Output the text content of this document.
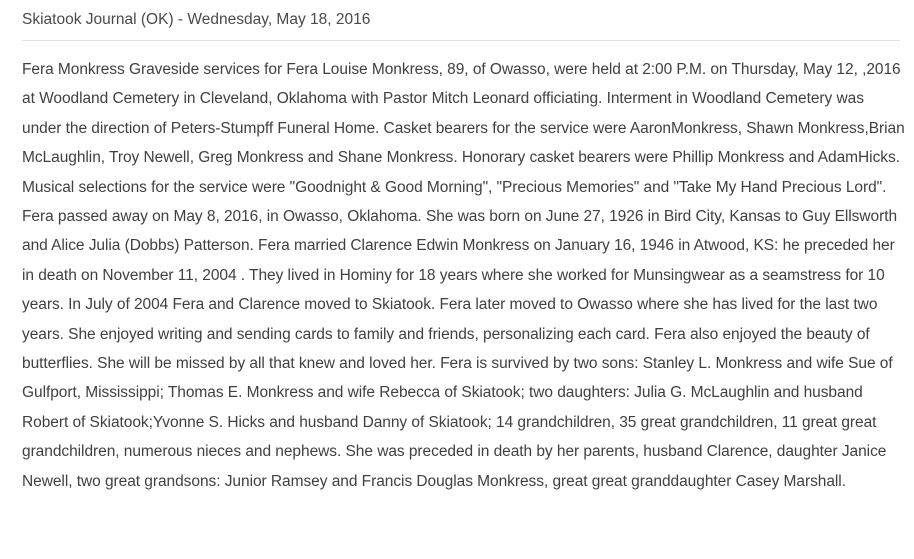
Skiatook Journal (OK) - Wednesday, May 18, 2016

Fera Monkress Graveside services for Fera Louise Monkress, 89, of Owasso, were held at 2:00 P.M. on Thursday, May 12, ,2016 at Woodland Cemetery in Cleveland, Oklahoma with Pastor Mitch Leonard officiating. Interment in Woodland Cemetery was under the direction of Peters-Stumpff Funeral Home. Casket bearers for the service were AaronMonkress, Shawn Monkress,Brian McLaughlin, Troy Newell, Greg Monkress and Shane Monkress. Honorary casket bearers were Phillip Monkress and AdamHicks. Musical selections for the service were "Goodnight & Good Morning", "Precious Memories" and "Take My Hand Precious Lord". Fera passed away on May 8, 2016, in Owasso, Oklahoma. She was born on June 27, 1926 in Bird City, Kansas to Guy Ellsworth and Alice Julia (Dobbs) Patterson. Fera married Clarence Edwin Monkress on January 16, 1946 in Atwood, KS: he preceded her in death on November 11, 2004 . They lived in Hominy for 18 years where she worked for Munsingwear as a seamstress for 10 years. In July of 2004 Fera and Clarence moved to Skiatook. Fera later moved to Owasso where she has lived for the last two years. She enjoyed writing and sending cards to family and friends, personalizing each card. Fera also enjoyed the beauty of butterflies. She will be missed by all that knew and loved her. Fera is survived by two sons: Stanley L. Monkress and wife Sue of Gulfport, Mississippi; Thomas E. Monkress and wife Rebecca of Skiatook; two daughters: Julia G. McLaughlin and husband Robert of Skiatook;Yvonne S. Hicks and husband Danny of Skiatook; 14 grandchildren, 35 great grandchildren, 11 great great grandchildren, numerous nieces and nephews. She was preceded in death by her parents, husband Clarence, daughter Janice Newell, two great grandsons: Junior Ramsey and Francis Douglas Monkress, great great granddaughter Casey Marshall.
